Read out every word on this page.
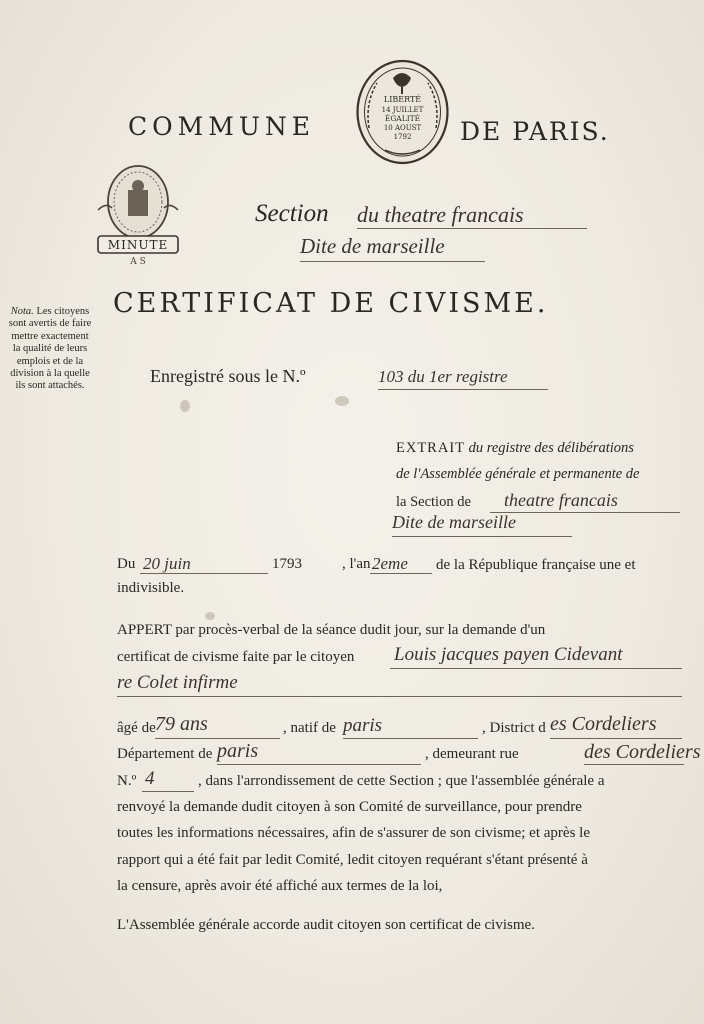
COMMUNE
LIBERTÉ
14 JUILLET
ÉGALITÉ
10 AOUST
1792 DE PARIS.
MINUTE
A S
Section du theatre francais
Dite de marseille
Nota. Les citoyens sont avertis de faire mettre exactement la qualité de leurs emplois et de la division à la quelle ils sont attachés.
CERTIFICAT DE CIVISME.
Enregistré sous le N.º	103 du 1er registre
EXTRAIT du registre des délibérations
de l'Assemblée générale et permanente de
la Section de theatre francais
Dite de marseille
Du 20 juin	1793	, l'an 2eme de la République française une et
indivisible.
APPERT par procès-verbal de la séance dudit jour, sur la demande d'un
certificat de civisme faite par le citoyen Louis jacques payen Cidevant
re Colet infirme
âgé de 79 ans	, natif de paris	, District d es Cordeliers
Département de paris	, demeurant rue	des Cordeliers
N.º 4	, dans l'arrondissement de cette Section ; que l'assemblée générale a
renvoyé la demande dudit citoyen à son Comité de surveillance, pour prendre
toutes les informations nécessaires, afin de s'assurer de son civisme; et après le
rapport qui a été fait par ledit Comité, ledit citoyen requérant s'étant présenté à
la censure, après avoir été affiché aux termes de la loi,
L'Assemblée générale accorde audit citoyen son certificat de civisme.
